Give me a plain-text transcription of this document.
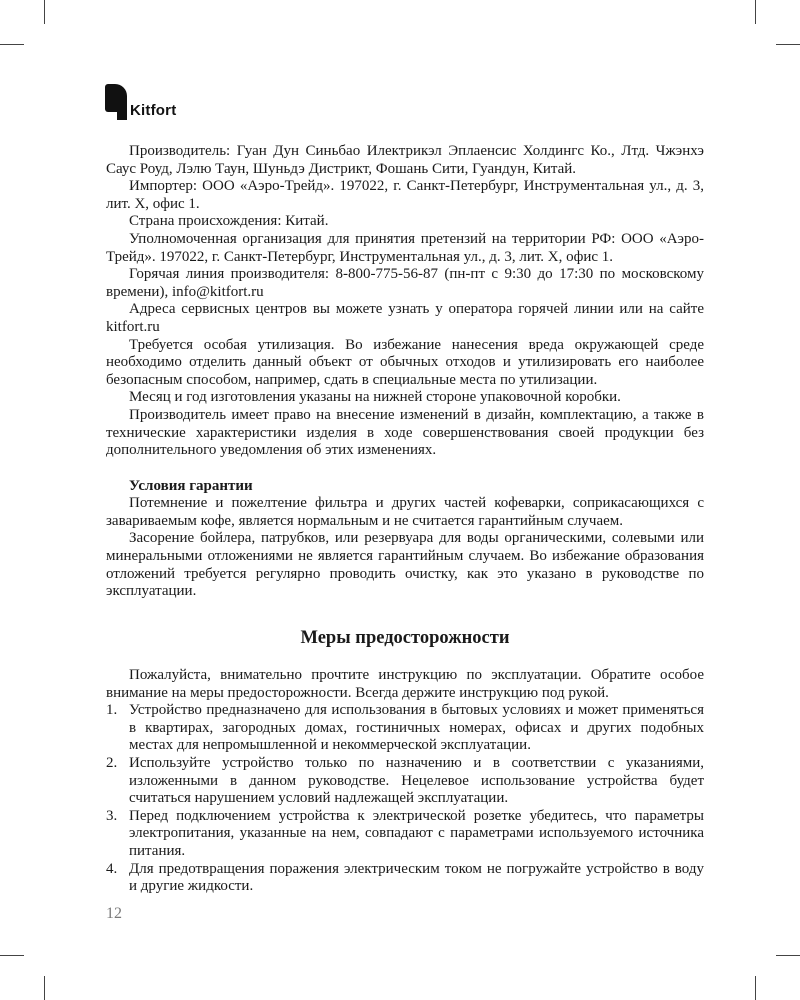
Kitfort

Производитель: Гуан Дун Синьбао Илектрикэл Эплаенсис Холдингс Ко., Лтд. Чжэнхэ Саус Роуд, Лэлю Таун, Шуньдэ Дистрикт, Фошань Сити, Гуандун, Китай.

Импортер: ООО «Аэро-Трейд». 197022, г. Санкт-Петербург, Инструментальная ул., д. 3, лит. Х, офис 1.

Страна происхождения: Китай.

Уполномоченная организация для принятия претензий на территории РФ: ООО «Аэро-Трейд». 197022, г. Санкт-Петербург, Инструментальная ул., д. 3, лит. Х, офис 1.

Горячая линия производителя: 8-800-775-56-87 (пн-пт с 9:30 до 17:30 по московскому времени), info@kitfort.ru

Адреса сервисных центров вы можете узнать у оператора горячей линии или на сайте kitfort.ru

Требуется особая утилизация. Во избежание нанесения вреда окружающей среде необходимо отделить данный объект от обычных отходов и утилизировать его наиболее безопасным способом, например, сдать в специальные места по утилизации.

Месяц и год изготовления указаны на нижней стороне упаковочной коробки.

Производитель имеет право на внесение изменений в дизайн, комплектацию, а также в технические характеристики изделия в ходе совершенствования своей продукции без дополнительного уведомления об этих изменениях.

Условия гарантии

Потемнение и пожелтение фильтра и других частей кофеварки, соприкасающихся с завариваемым кофе, является нормальным и не считается гарантийным случаем.

Засорение бойлера, патрубков, или резервуара для воды органическими, солевыми или минеральными отложениями не является гарантийным случаем. Во избежание образования отложений требуется регулярно проводить очистку, как это указано в руководстве по эксплуатации.

Меры предосторожности

Пожалуйста, внимательно прочтите инструкцию по эксплуатации. Обратите особое внимание на меры предосторожности. Всегда держите инструкцию под рукой.

1. Устройство предназначено для использования в бытовых условиях и может применяться в квартирах, загородных домах, гостиничных номерах, офисах и других подобных местах для непромышленной и некоммерческой эксплуатации.
2. Используйте устройство только по назначению и в соответствии с указаниями, изложенными в данном руководстве. Нецелевое использование устройства будет считаться нарушением условий надлежащей эксплуатации.
3. Перед подключением устройства к электрической розетке убедитесь, что параметры электропитания, указанные на нем, совпадают с параметрами используемого источника питания.
4. Для предотвращения поражения электрическим током не погружайте устройство в воду и другие жидкости.
12
